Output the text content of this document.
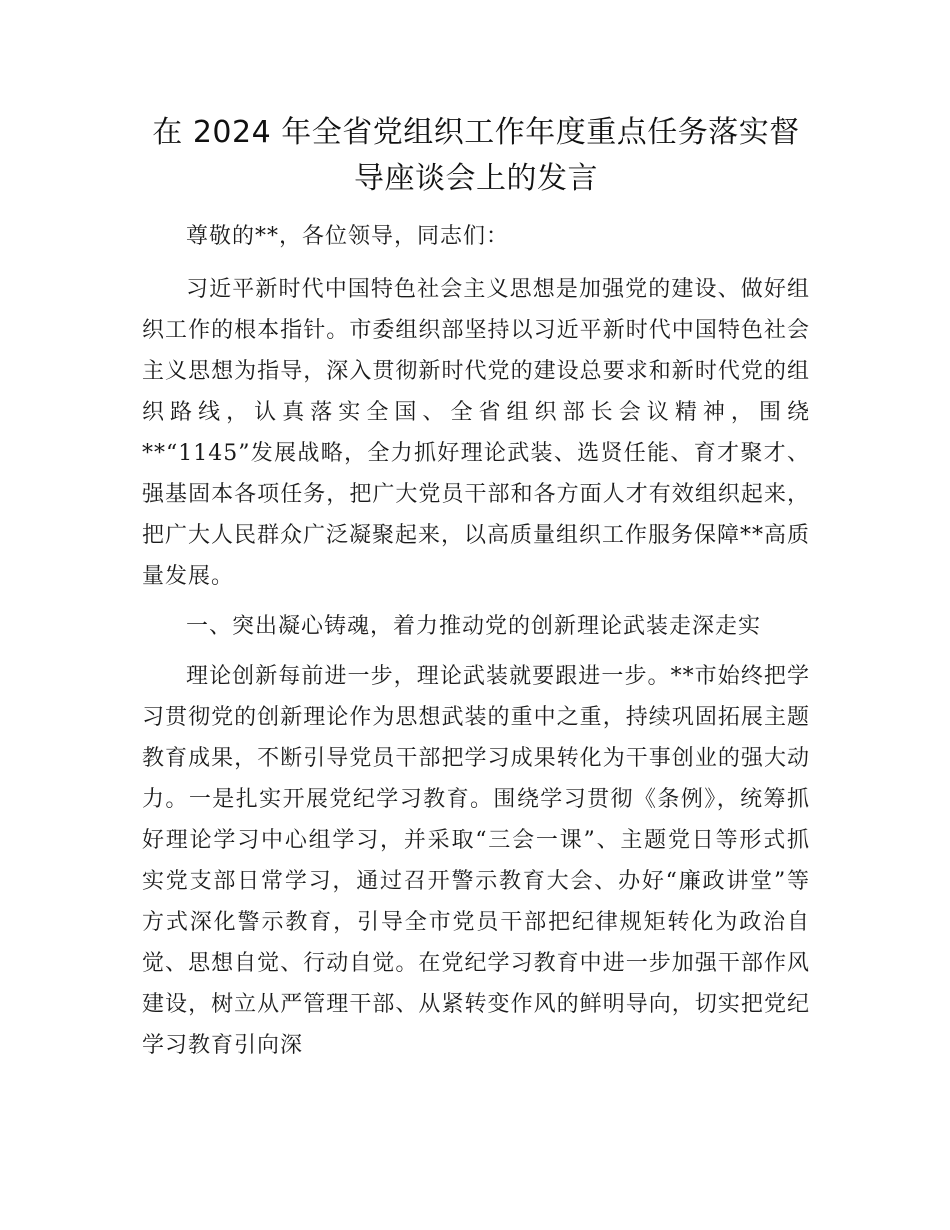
在 2024 年全省党组织工作年度重点任务落实督
导座谈会上的发言

尊敬的**，各位领导，同志们：

习近平新时代中国特色社会主义思想是加强党的建设、做好组织工作的根本指针。市委组织部坚持以习近平新时代中国特色社会主义思想为指导，深入贯彻新时代党的建设总要求和新时代党的组织路线，认真落实全国、全省组织部长会议精神，围绕**“1145”发展战略，全力抓好理论武装、选贤任能、育才聚才、强基固本各项任务，把广大党员干部和各方面人才有效组织起来，把广大人民群众广泛凝聚起来，以高质量组织工作服务保障**高质量发展。

一、突出凝心铸魂，着力推动党的创新理论武装走深走实

理论创新每前进一步，理论武装就要跟进一步。**市始终把学习贯彻党的创新理论作为思想武装的重中之重，持续巩固拓展主题教育成果，不断引导党员干部把学习成果转化为干事创业的强大动力。一是扎实开展党纪学习教育。围绕学习贯彻《条例》，统筹抓好理论学习中心组学习，并采取“三会一课”、主题党日等形式抓实党支部日常学习，通过召开警示教育大会、办好“廉政讲堂”等方式深化警示教育，引导全市党员干部把纪律规矩转化为政治自觉、思想自觉、行动自觉。在党纪学习教育中进一步加强干部作风建设，树立从严管理干部、从紧转变作风的鲜明导向，切实把党纪学习教育引向深
